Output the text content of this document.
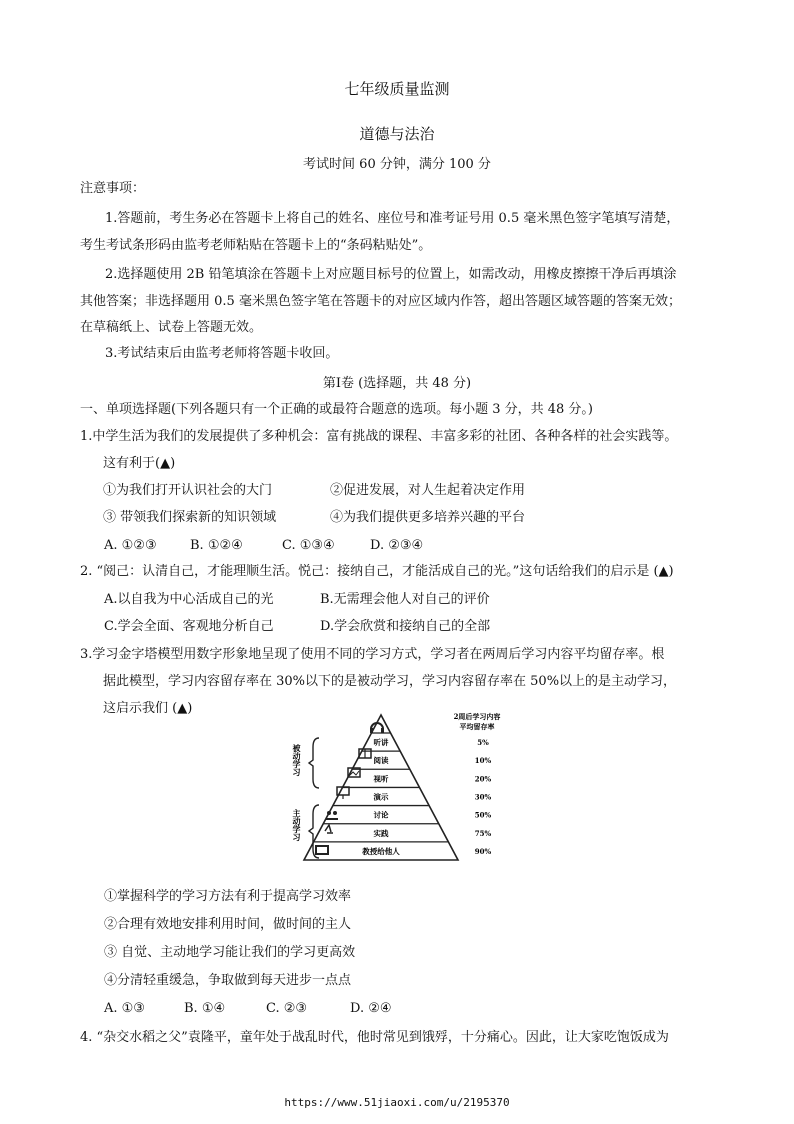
七年级质量监测
道德与法治
考试时间 60 分钟，满分 100 分
注意事项：
1.答题前，考生务必在答题卡上将自己的姓名、座位号和准考证号用 0.5 毫米黑色签字笔填写清楚，
考生考试条形码由监考老师粘贴在答题卡上的“条码粘贴处”。
2.选择题使用 2B 铅笔填涂在答题卡上对应题目标号的位置上，如需改动，用橡皮擦擦干净后再填涂
其他答案；非选择题用 0.5 毫米黑色签字笔在答题卡的对应区域内作答，超出答题区域答题的答案无效；
在草稿纸上、试卷上答题无效。
3.考试结束后由监考老师将答题卡收回。
第Ⅰ卷 (选择题，共 48 分)
一、单项选择题(下列各题只有一个正确的或最符合题意的选项。每小题 3 分，共 48 分。)
1.中学生活为我们的发展提供了多种机会：富有挑战的课程、丰富多彩的社团、各种各样的社会实践等。
这有利于(▲)
①为我们打开认识社会的大门	②促进发展，对人生起着决定作用
③ 带领我们探索新的知识领域	④为我们提供更多培养兴趣的平台
A. ①②③	B. ①②④	C. ①③④	D. ②③④
2. “阅己：认清自己，才能理顺生活。悦己：接纳自己，才能活成自己的光。”这句话给我们的启示是 (▲)
A.以自我为中心活成自己的光	B.无需理会他人对自己的评价
C.学会全面、客观地分析自己	D.学会欣赏和接纳自己的全部
3.学习金字塔模型用数字形象地呈现了使用不同的学习方式，学习者在两周后学习内容平均留存率。根
据此模型，学习内容留存率在 30%以下的是被动学习，学习内容留存率在 50%以上的是主动学习，
这启示我们 (▲)
2周后学习内容
平均留存率
被动学习
主动学习
听讲	5%
阅读	10%
视听	20%
演示	30%
讨论	50%
实践	75%
教授给他人	90%
①掌握科学的学习方法有利于提高学习效率
②合理有效地安排利用时间，做时间的主人
③ 自觉、主动地学习能让我们的学习更高效
④分清轻重缓急，争取做到每天进步一点点
A. ①③	B. ①④	C. ②③	D. ②④
4. “杂交水稻之父”袁隆平，童年处于战乱时代，他时常见到饿殍，十分痛心。因此，让大家吃饱饭成为
https://www.51jiaoxi.com/u/2195370
